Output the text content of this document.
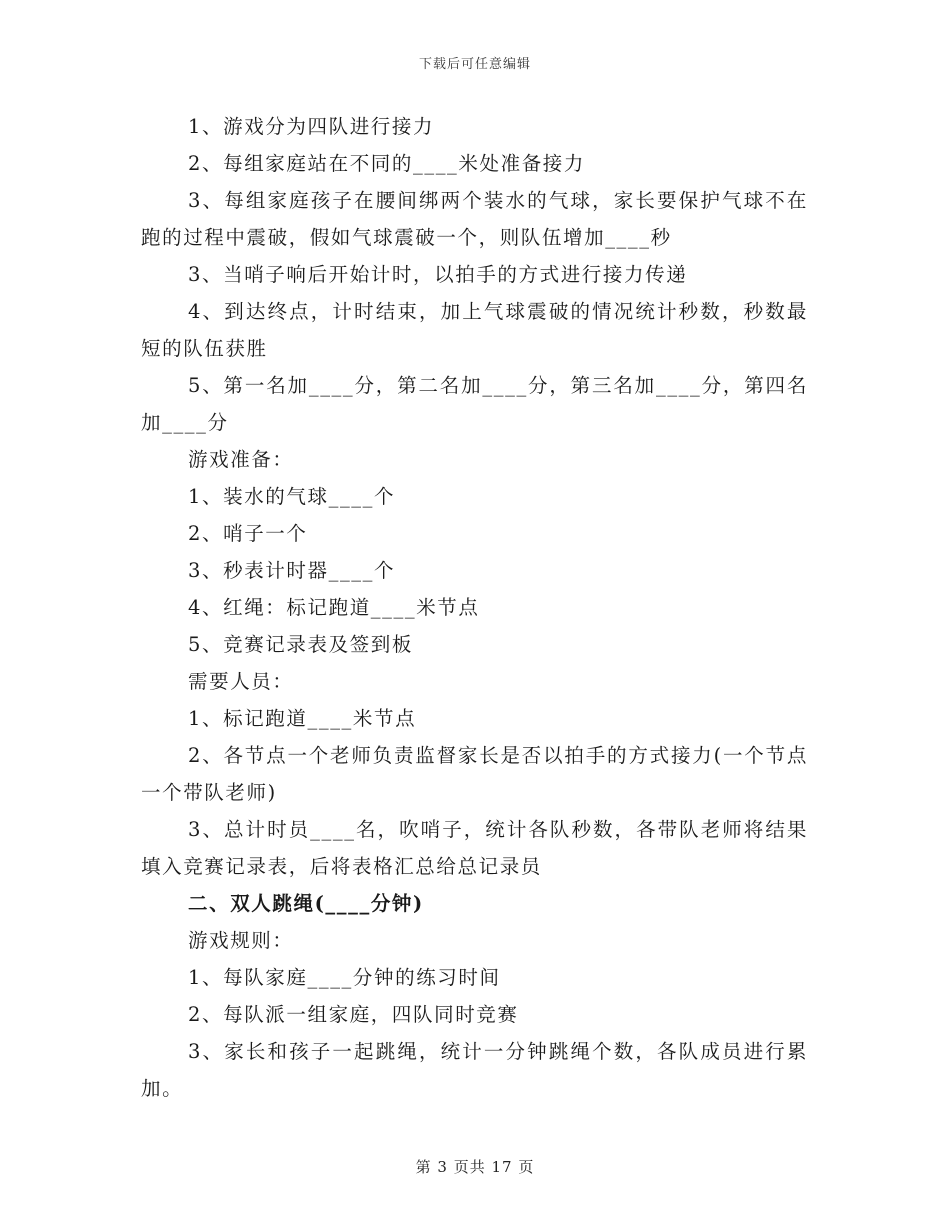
下载后可任意编辑

1、游戏分为四队进行接力

2、每组家庭站在不同的____米处准备接力

3、每组家庭孩子在腰间绑两个装水的气球，家长要保护气球不在跑的过程中震破，假如气球震破一个，则队伍增加____秒

3、当哨子响后开始计时，以拍手的方式进行接力传递

4、到达终点，计时结束，加上气球震破的情况统计秒数，秒数最短的队伍获胜

5、第一名加____分，第二名加____分，第三名加____分，第四名加____分

游戏准备：

1、装水的气球____个

2、哨子一个

3、秒表计时器____个

4、红绳：标记跑道____米节点

5、竞赛记录表及签到板

需要人员：

1、标记跑道____米节点

2、各节点一个老师负责监督家长是否以拍手的方式接力(一个节点一个带队老师)

3、总计时员____名，吹哨子，统计各队秒数，各带队老师将结果填入竞赛记录表，后将表格汇总给总记录员

二、双人跳绳(____分钟)

游戏规则：

1、每队家庭____分钟的练习时间

2、每队派一组家庭，四队同时竞赛

3、家长和孩子一起跳绳，统计一分钟跳绳个数，各队成员进行累加。

第 3 页共 17 页
